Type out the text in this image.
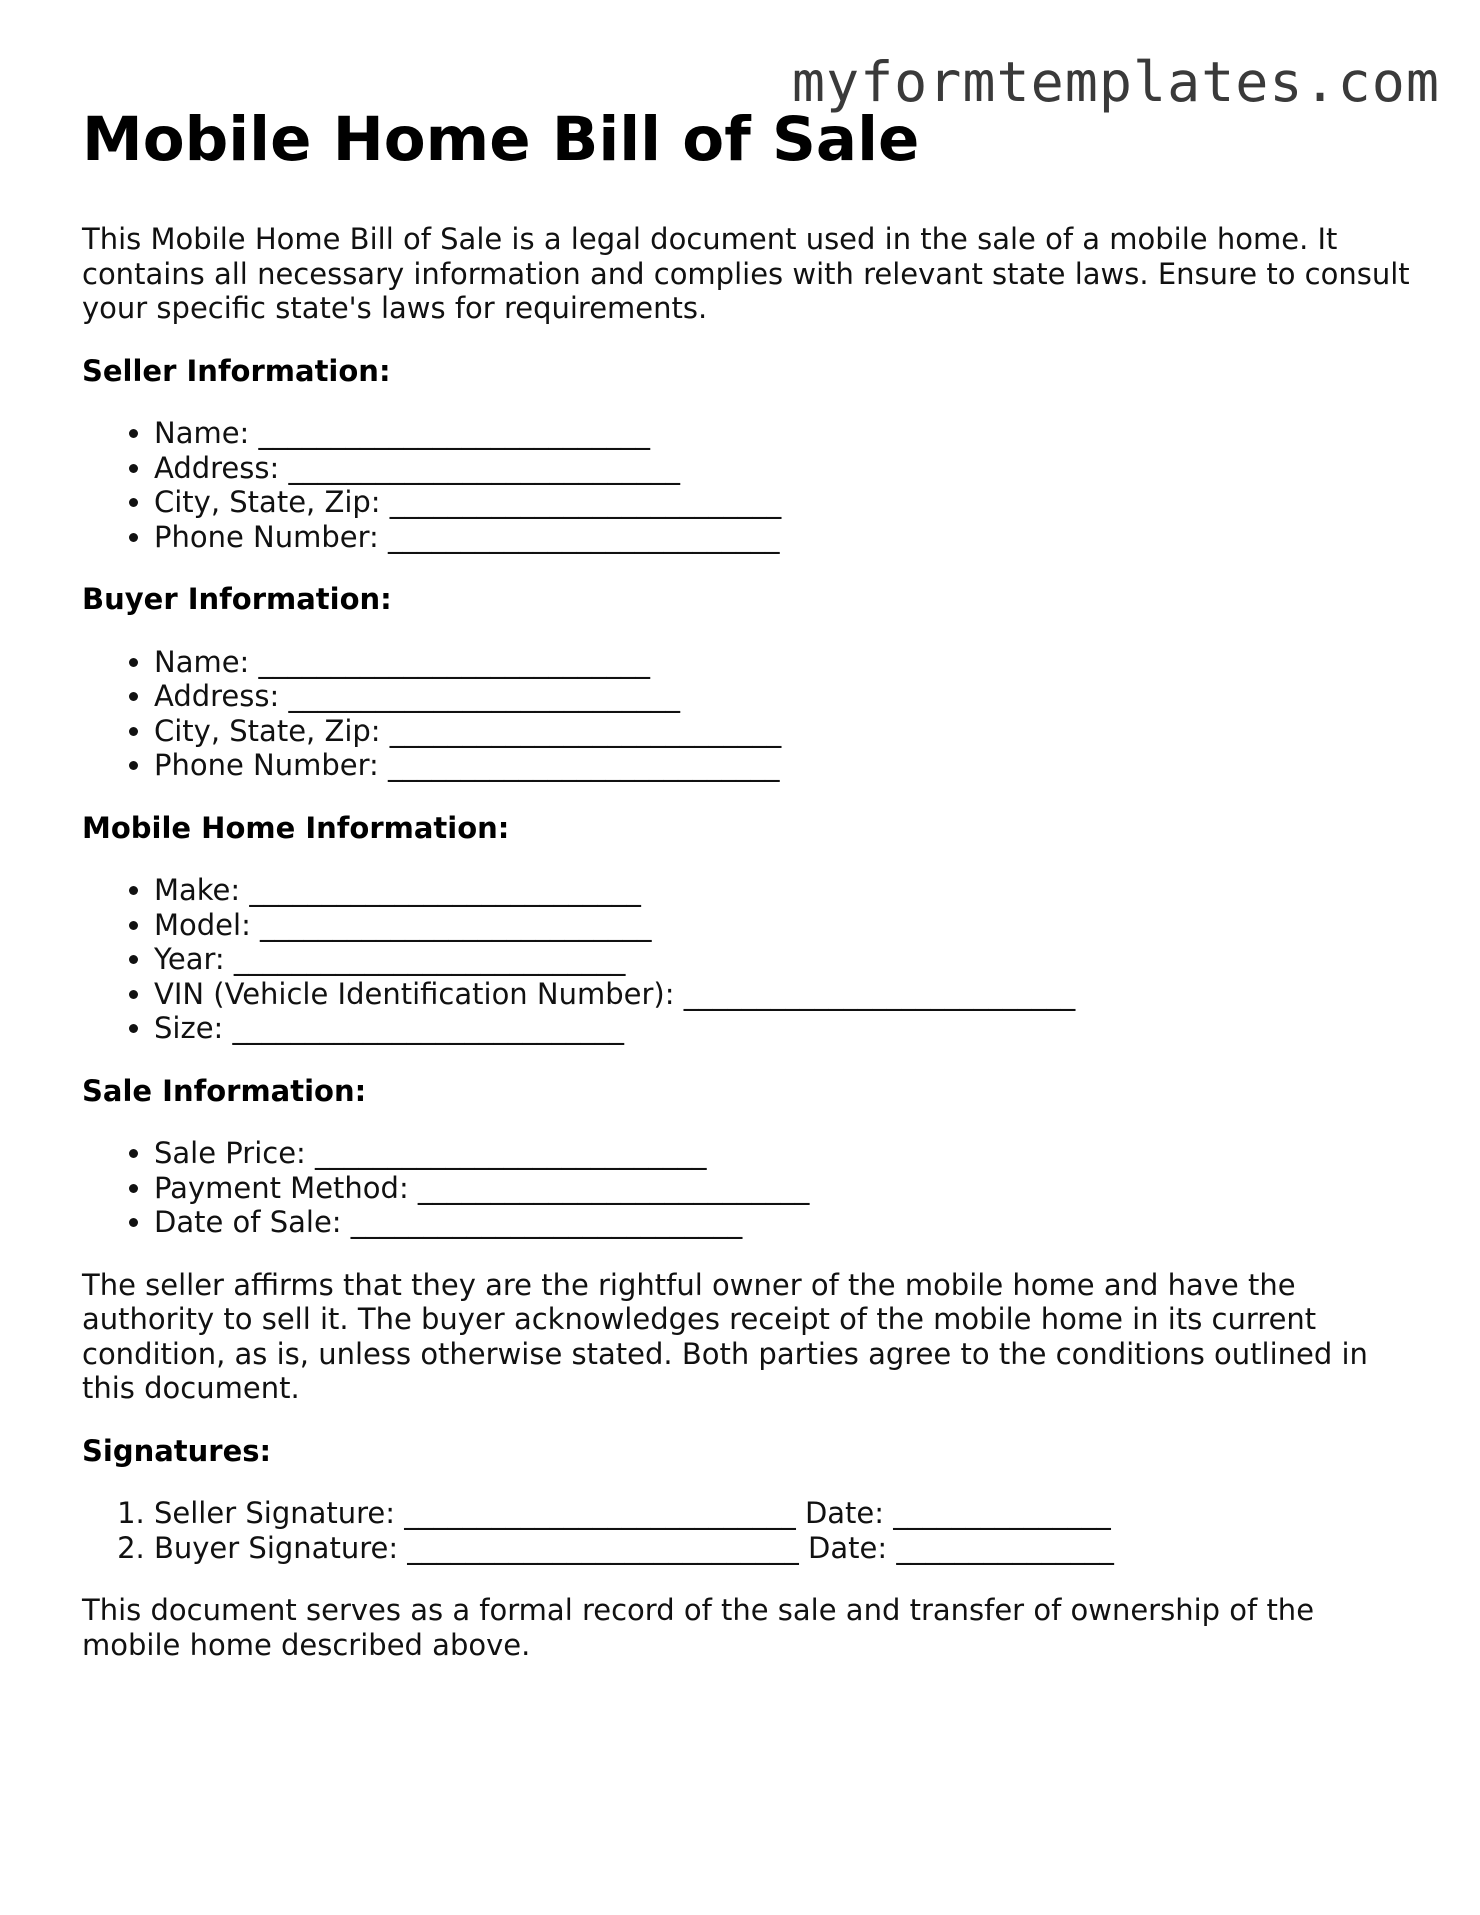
myformtemplates.com
Mobile Home Bill of Sale

This Mobile Home Bill of Sale is a legal document used in the sale of a mobile home. It contains all necessary information and complies with relevant state laws. Ensure to consult your specific state's laws for requirements.

Seller Information:
• Name: ___________________________
• Address: ___________________________
• City, State, Zip: ___________________________
• Phone Number: ___________________________
Buyer Information:
• Name: ___________________________
• Address: ___________________________
• City, State, Zip: ___________________________
• Phone Number: ___________________________
Mobile Home Information:
• Make: ___________________________
• Model: ___________________________
• Year: ___________________________
• VIN (Vehicle Identification Number): ___________________________
• Size: ___________________________
Sale Information:
• Sale Price: ___________________________
• Payment Method: ___________________________
• Date of Sale: ___________________________

The seller affirms that they are the rightful owner of the mobile home and have the authority to sell it. The buyer acknowledges receipt of the mobile home in its current condition, as is, unless otherwise stated. Both parties agree to the conditions outlined in this document.

Signatures:
1. Seller Signature: ___________________________ Date: _______________
2. Buyer Signature: ___________________________ Date: _______________

This document serves as a formal record of the sale and transfer of ownership of the mobile home described above.
